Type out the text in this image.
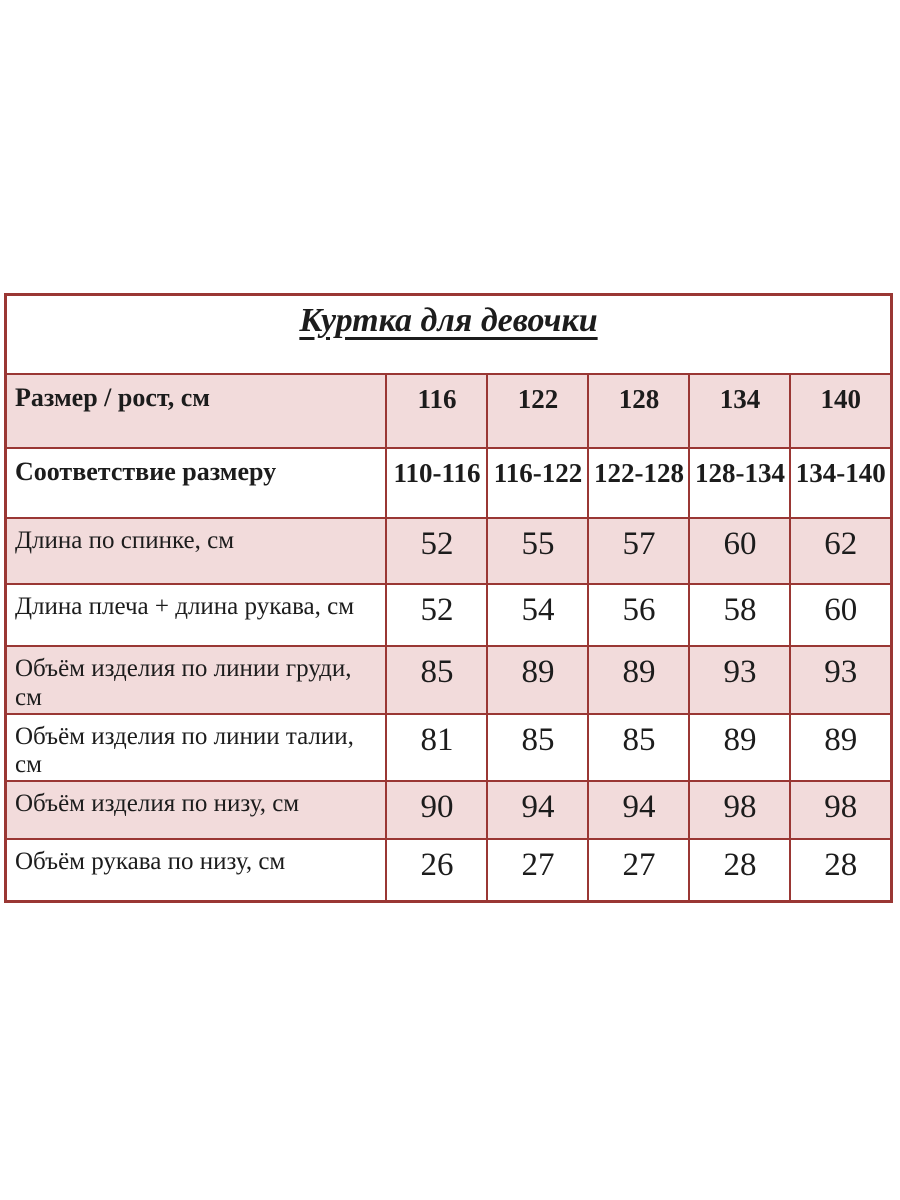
Куртка для девочки					
Размер / рост, см	116	122	128	134	140
Соответствие размеру	110-116	116-122	122-128	128-134	134-140
Длина по спинке, см	52	55	57	60	62
Длина плеча + длина рукава, см	52	54	56	58	60
Объём изделия по линии груди, см	85	89	89	93	93
Объём изделия по линии талии, см	81	85	85	89	89
Объём изделия по низу, см	90	94	94	98	98
Объём рукава по низу, см	26	27	27	28	28
